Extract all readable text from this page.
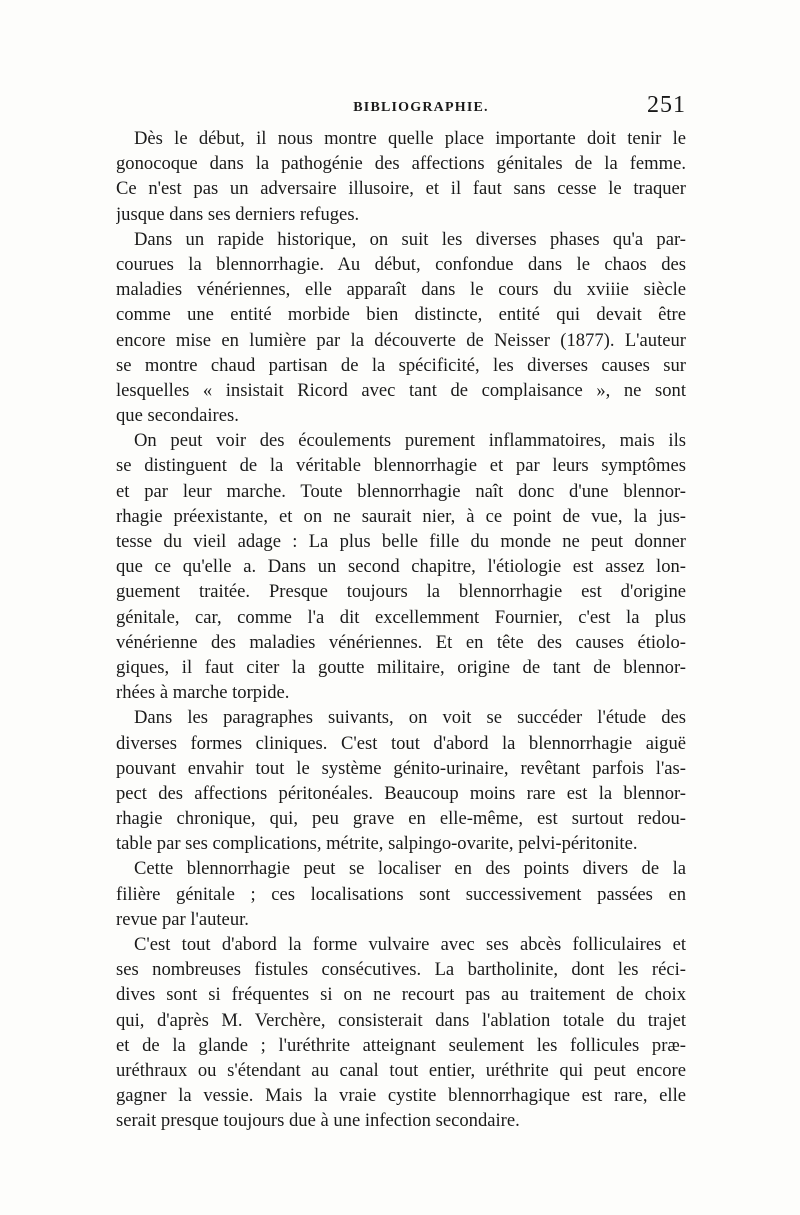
BIBLIOGRAPHIE.	251
Dès le début, il nous montre quelle place importante doit tenir le
gonocoque dans la pathogénie des affections génitales de la femme.
Ce n'est pas un adversaire illusoire, et il faut sans cesse le traquer
jusque dans ses derniers refuges.
Dans un rapide historique, on suit les diverses phases qu'a par-
courues la blennorrhagie. Au début, confondue dans le chaos des
maladies vénériennes, elle apparaît dans le cours du xviiie siècle
comme une entité morbide bien distincte, entité qui devait être
encore mise en lumière par la découverte de Neisser (1877). L'auteur
se montre chaud partisan de la spécificité, les diverses causes sur
lesquelles « insistait Ricord avec tant de complaisance », ne sont
que secondaires.
On peut voir des écoulements purement inflammatoires, mais ils
se distinguent de la véritable blennorrhagie et par leurs symptômes
et par leur marche. Toute blennorrhagie naît donc d'une blennor-
rhagie préexistante, et on ne saurait nier, à ce point de vue, la jus-
tesse du vieil adage : La plus belle fille du monde ne peut donner
que ce qu'elle a. Dans un second chapitre, l'étiologie est assez lon-
guement traitée. Presque toujours la blennorrhagie est d'origine
génitale, car, comme l'a dit excellemment Fournier, c'est la plus
vénérienne des maladies vénériennes. Et en tête des causes étiolo-
giques, il faut citer la goutte militaire, origine de tant de blennor-
rhées à marche torpide.
Dans les paragraphes suivants, on voit se succéder l'étude des
diverses formes cliniques. C'est tout d'abord la blennorrhagie aiguë
pouvant envahir tout le système génito-urinaire, revêtant parfois l'as-
pect des affections péritonéales. Beaucoup moins rare est la blennor-
rhagie chronique, qui, peu grave en elle-même, est surtout redou-
table par ses complications, métrite, salpingo-ovarite, pelvi-péritonite.
Cette blennorrhagie peut se localiser en des points divers de la
filière génitale ; ces localisations sont successivement passées en
revue par l'auteur.
C'est tout d'abord la forme vulvaire avec ses abcès folliculaires et
ses nombreuses fistules consécutives. La bartholinite, dont les réci-
dives sont si fréquentes si on ne recourt pas au traitement de choix
qui, d'après M. Verchère, consisterait dans l'ablation totale du trajet
et de la glande ; l'uréthrite atteignant seulement les follicules præ-
uréthraux ou s'étendant au canal tout entier, uréthrite qui peut encore
gagner la vessie. Mais la vraie cystite blennorrhagique est rare, elle
serait presque toujours due à une infection secondaire.
